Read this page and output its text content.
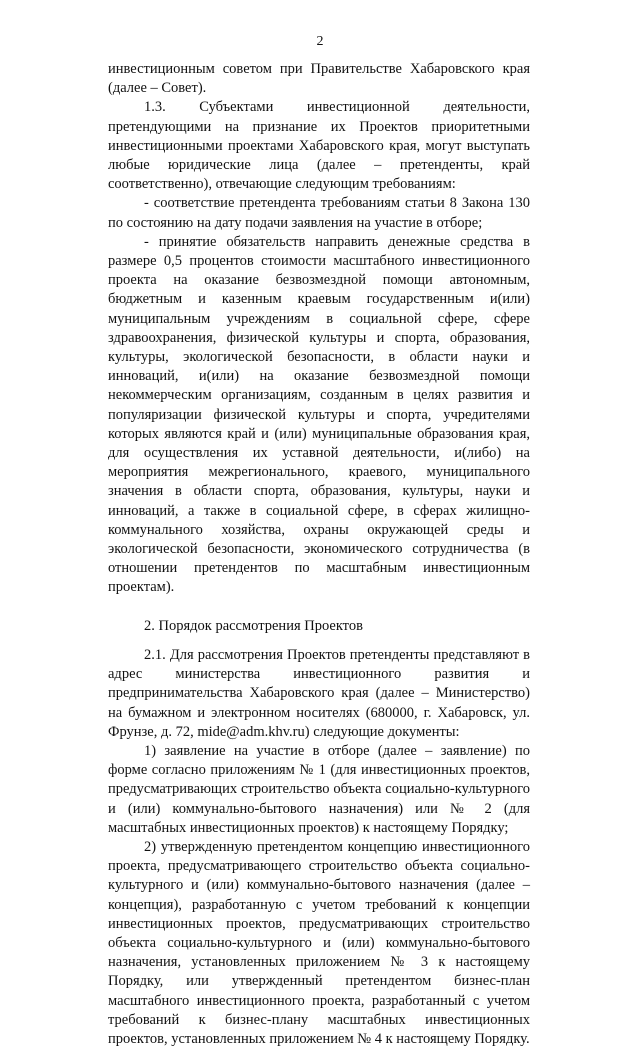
2

инвестиционным советом при Правительстве Хабаровского края (далее – Совет).

1.3. Субъектами инвестиционной деятельности, претендующими на признание их Проектов приоритетными инвестиционными проектами Хабаровского края, могут выступать любые юридические лица (далее – претенденты, край соответственно), отвечающие следующим требованиям:

- соответствие претендента требованиям статьи 8 Закона 130 по состоянию на дату подачи заявления на участие в отборе;

- принятие обязательств направить денежные средства в размере 0,5 процентов стоимости масштабного инвестиционного проекта на оказание безвозмездной помощи автономным, бюджетным и казенным краевым государственным и(или) муниципальным учреждениям в социальной сфере, сфере здравоохранения, физической культуры и спорта, образования, культуры, экологической безопасности, в области науки и инноваций, и(или) на оказание безвозмездной помощи некоммерческим организациям, созданным в целях развития и популяризации физической культуры и спорта, учредителями которых являются край и (или) муниципальные образования края, для осуществления их уставной деятельности, и(либо) на мероприятия межрегионального, краевого, муниципального значения в области спорта, образования, культуры, науки и инноваций, а также в социальной сфере, в сферах жилищно-коммунального хозяйства, охраны окружающей среды и экологической безопасности, экономического сотрудничества (в отношении претендентов по масштабным инвестиционным проектам).

2. Порядок рассмотрения Проектов

2.1. Для рассмотрения Проектов претенденты представляют в адрес министерства инвестиционного развития и предпринимательства Хабаровского края (далее – Министерство) на бумажном и электронном носителях (680000, г. Хабаровск, ул. Фрунзе, д. 72, mide@adm.khv.ru) следующие документы:

1) заявление на участие в отборе (далее – заявление) по форме согласно приложениям № 1 (для инвестиционных проектов, предусматривающих строительство объекта социально-культурного и (или) коммунально-бытового назначения) или № 2 (для масштабных инвестиционных проектов) к настоящему Порядку;

2) утвержденную претендентом концепцию инвестиционного проекта, предусматривающего строительство объекта социально-культурного и (или) коммунально-бытового назначения (далее – концепция), разработанную с учетом требований к концепции инвестиционных проектов, предусматривающих строительство объекта социально-культурного и (или) коммунально-бытового назначения, установленных приложением № 3 к настоящему Порядку, или утвержденный претендентом бизнес-план масштабного инвестиционного проекта, разработанный с учетом требований к бизнес-плану масштабных инвестиционных проектов, установленных приложением № 4 к настоящему Порядку.
